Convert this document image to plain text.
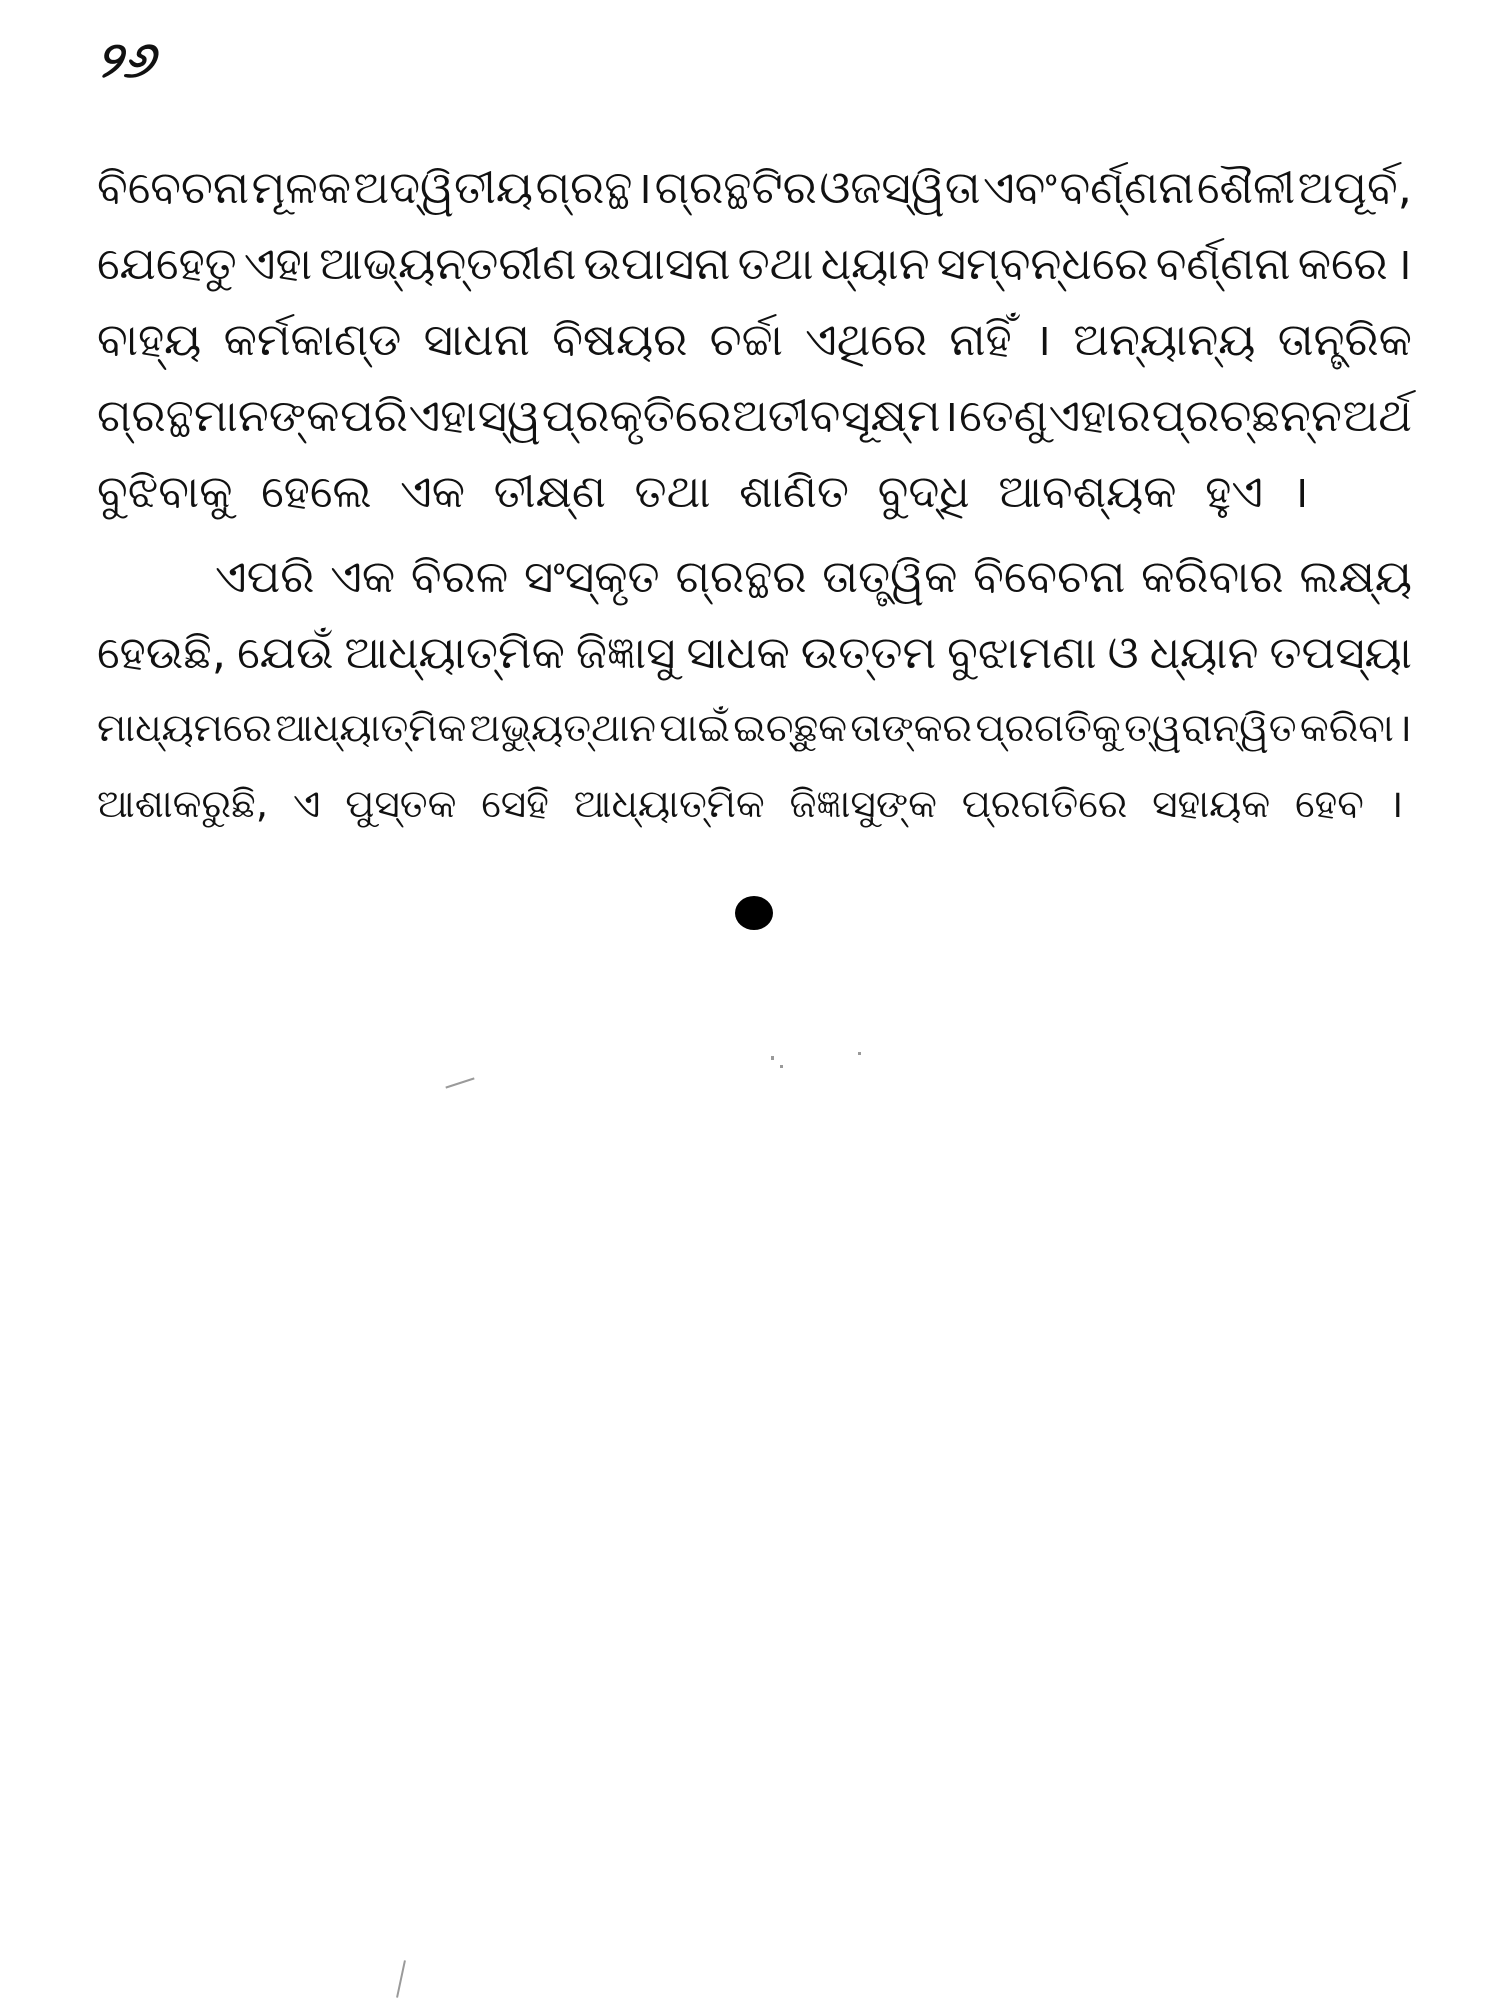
୨୬
ବିବେଚନା ମୂଳକ ଅଦ୍ୱିତୀୟ ଗ୍ରନ୍ଥ । ଗ୍ରନ୍ଥଟିର ଓଜସ୍ୱିତା ଏବଂ ବର୍ଣ୍ଣନା ଶୈଳୀ ଅପୂର୍ବ,
ଯେହେତୁ ଏହା ଆଭ୍ୟନ୍ତରୀଣ ଉପାସନା ତଥା ଧ୍ୟାନ ସମ୍ବନ୍ଧରେ ବର୍ଣ୍ଣନା କରେ ।
ବାହ୍ୟ କର୍ମକାଣ୍ଡ ସାଧନା ବିଷୟର ଚର୍ଚ୍ଚା ଏଥିରେ ନାହିଁ । ଅନ୍ୟାନ୍ୟ ତାନ୍ତ୍ରିକ
ଗ୍ରନ୍ଥମାନଙ୍କ ପରି ଏହା ସ୍ୱ ପ୍ରକୃତିରେ ଅତୀବ ସୂକ୍ଷ୍ମ । ତେଣୁ ଏହାର ପ୍ରଚ୍ଛନ୍ନ ଅର୍ଥ
ବୁଝିବାକୁ ହେଲେ ଏକ ତୀକ୍ଷ୍ଣ ତଥା ଶାଣିତ ବୁଦ୍ଧି ଆବଶ୍ୟକ ହୁଏ ।
ଏପରି ଏକ ବିରଳ ସଂସ୍କୃତ ଗ୍ରନ୍ଥର ତାତ୍ତ୍ୱିକ ବିବେଚନା କରିବାର ଲକ୍ଷ୍ୟ
ହେଉଛି, ଯେଉଁ ଆଧ୍ୟାତ୍ମିକ ଜିଜ୍ଞାସୁ ସାଧକ ଉତ୍ତମ ବୁଝାମଣା ଓ ଧ୍ୟାନ ତପସ୍ୟା
ମାଧ୍ୟମରେ ଆଧ୍ୟାତ୍ମିକ ଅଭ୍ୟୁତ୍‌ଥାନ ପାଇଁ ଇଚ୍ଛୁକ ତାଙ୍କର ପ୍ରଗତିକୁ ତ୍ୱରାନ୍ୱିତ କରିବା ।
ଆଶାକରୁଛି, ଏ ପୁସ୍ତକ ସେହି ଆଧ୍ୟାତ୍ମିକ ଜିଜ୍ଞାସୁଙ୍କ ପ୍ରଗତିରେ ସହାୟକ ହେବ ।
